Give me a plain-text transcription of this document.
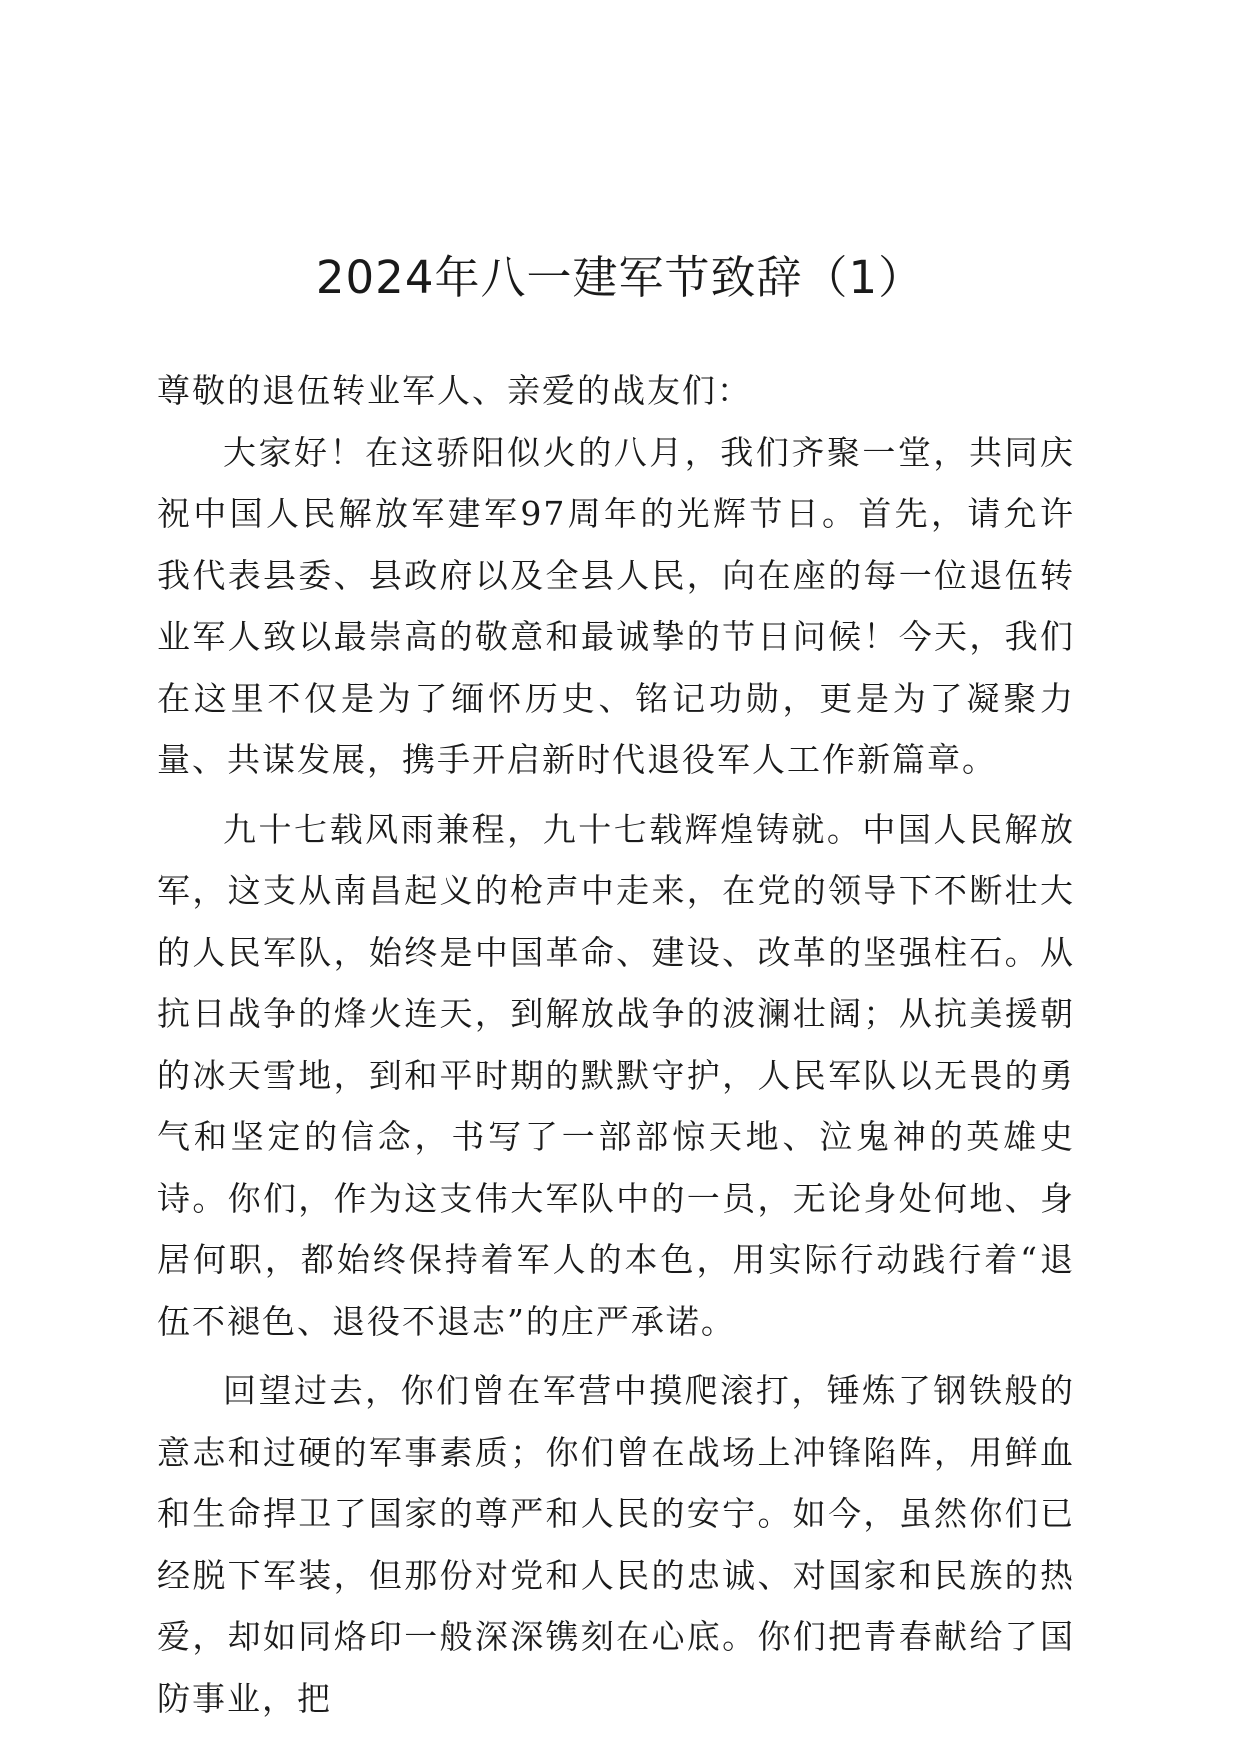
2024年八一建军节致辞（1）

尊敬的退伍转业军人、亲爱的战友们：

大家好！在这骄阳似火的八月，我们齐聚一堂，共同庆祝中国人民解放军建军97周年的光辉节日。首先，请允许我代表县委、县政府以及全县人民，向在座的每一位退伍转业军人致以最崇高的敬意和最诚挚的节日问候！今天，我们在这里不仅是为了缅怀历史、铭记功勋，更是为了凝聚力量、共谋发展，携手开启新时代退役军人工作新篇章。

九十七载风雨兼程，九十七载辉煌铸就。中国人民解放军，这支从南昌起义的枪声中走来，在党的领导下不断壮大的人民军队，始终是中国革命、建设、改革的坚强柱石。从抗日战争的烽火连天，到解放战争的波澜壮阔；从抗美援朝的冰天雪地，到和平时期的默默守护，人民军队以无畏的勇气和坚定的信念，书写了一部部惊天地、泣鬼神的英雄史诗。你们，作为这支伟大军队中的一员，无论身处何地、身居何职，都始终保持着军人的本色，用实际行动践行着“退伍不褪色、退役不退志”的庄严承诺。

回望过去，你们曾在军营中摸爬滚打，锤炼了钢铁般的意志和过硬的军事素质；你们曾在战场上冲锋陷阵，用鲜血和生命捍卫了国家的尊严和人民的安宁。如今，虽然你们已经脱下军装，但那份对党和人民的忠诚、对国家和民族的热爱，却如同烙印一般深深镌刻在心底。你们把青春献给了国防事业，把
